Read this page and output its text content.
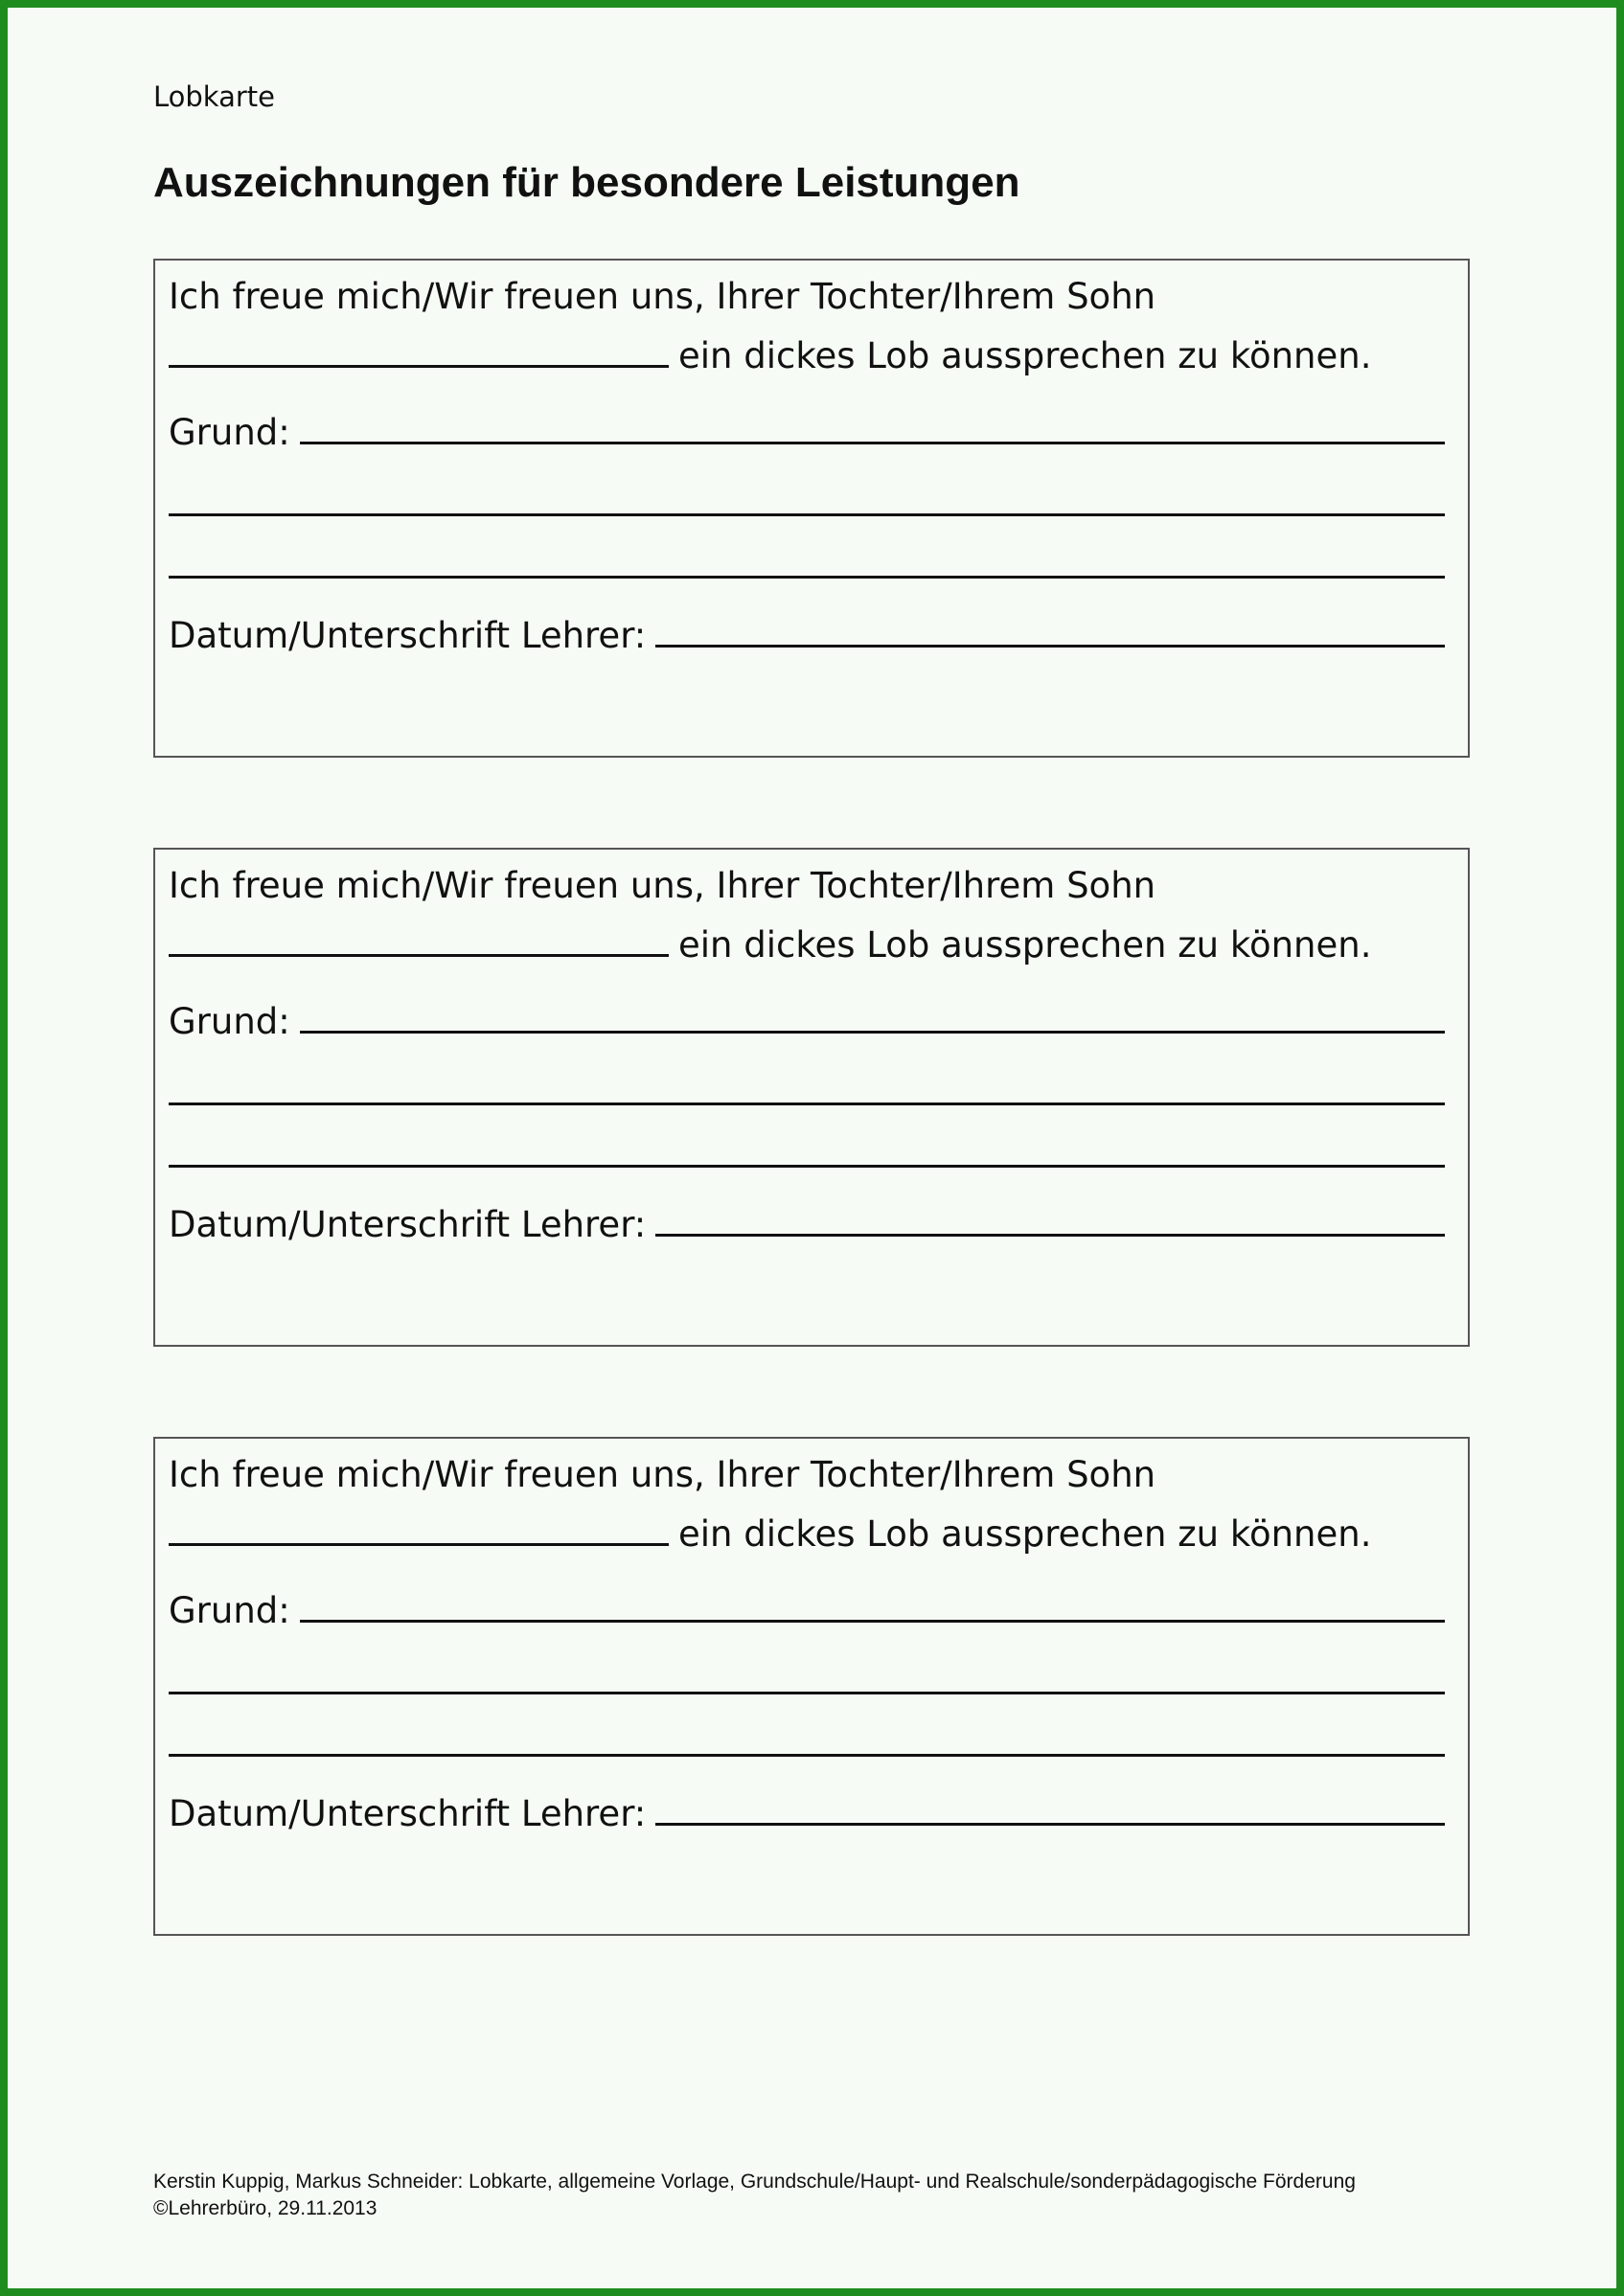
Lobkarte
Auszeichnungen für besondere Leistungen
Ich freue mich/Wir freuen uns, Ihrer Tochter/Ihrem Sohn
ein dickes Lob aussprechen zu können.
Grund:
Datum/Unterschrift Lehrer:
Ich freue mich/Wir freuen uns, Ihrer Tochter/Ihrem Sohn
ein dickes Lob aussprechen zu können.
Grund:
Datum/Unterschrift Lehrer:
Ich freue mich/Wir freuen uns, Ihrer Tochter/Ihrem Sohn
ein dickes Lob aussprechen zu können.
Grund:
Datum/Unterschrift Lehrer:
Kerstin Kuppig, Markus Schneider: Lobkarte, allgemeine Vorlage, Grundschule/Haupt- und Realschule/sonderpädagogische Förderung
©Lehrerbüro, 29.11.2013
